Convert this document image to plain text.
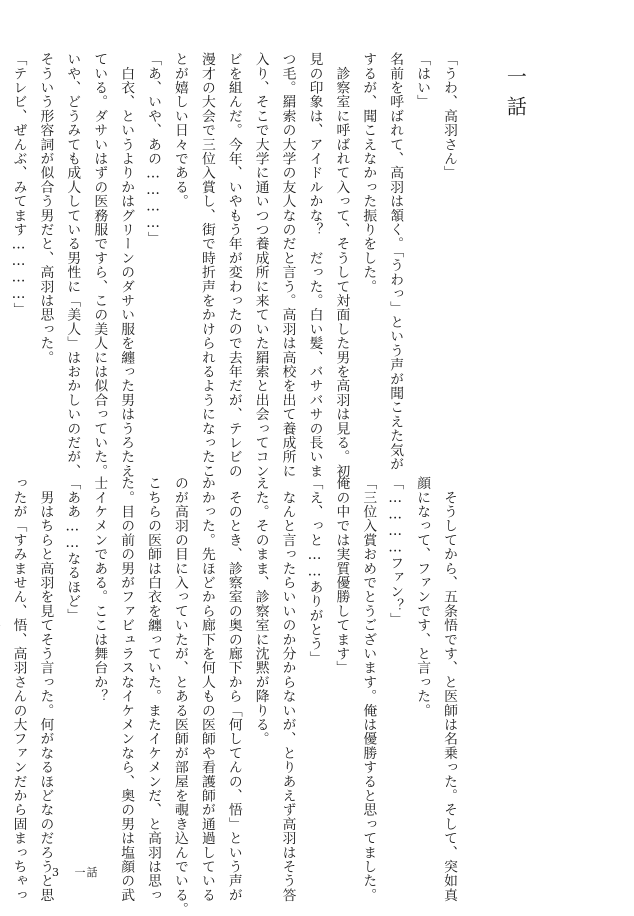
一話

「うわ、高羽さん」

「はい」

名前を呼ばれて、高羽は頷く。「うわっ」という声が聞こえた気が

するが、聞こえなかった振りをした。

　診察室に呼ばれて入って、そうして対面した男を高羽は見る。初

見の印象は、アイドルかな？　だった。白い髪、バサバサの長いま

つ毛。羂索の大学の友人なのだと言う。高羽は高校を出て養成所に

入り、そこで大学に通いつつ養成所に来ていた羂索と出会ってコン

ビを組んだ。今年、いやもう年が変わったので去年だが、テレビの

漫才の大会で三位入賞し、街で時折声をかけられるようになったこ

とが嬉しい日々である。

「あ、いや、あの…………」

　白衣、というよりかはグリーンのダサい服を纏った男はうろたえ

ている。ダサいはずの医務服ですら、この美人には似合っていた。

いや、どうみても成人している男性に「美人」はおかしいのだが、

そういう形容詞が似合う男だと、高羽は思った。

「テレビ、ぜんぶ、みてます…………」

　そうしてから、五条悟です、と医師は名乗った。そして、突如真

顔になって、ファンです、と言った。

「…………ファン？」

「三位入賞おめでとうございます。俺は優勝すると思ってました。

俺の中では実質優勝してます」

「え、っと……ありがとう」

　なんと言ったらいいのか分からないが、とりあえず高羽はそう答

えた。そのまま、診察室に沈黙が降りる。

　そのとき、診察室の奥の廊下から「何してんの、悟」という声が

かかった。先ほどから廊下を何人もの医師や看護師が通過している

のが高羽の目に入っていたが、とある医師が部屋を覗き込んでいる。

こちらの医師は白衣を纏っていた。またイケメンだ、と高羽は思っ

た。目の前の男がファビュラスなイケメンなら、奥の男は塩顔の武

士イケメンである。ここは舞台か？

「ああ……なるほど」

　男はちらと高羽を見てそう言った。何がなるほどなのだろうと思

ったが「すみません、悟、高羽さんの大ファンだから固まっちゃっ	3 一話
